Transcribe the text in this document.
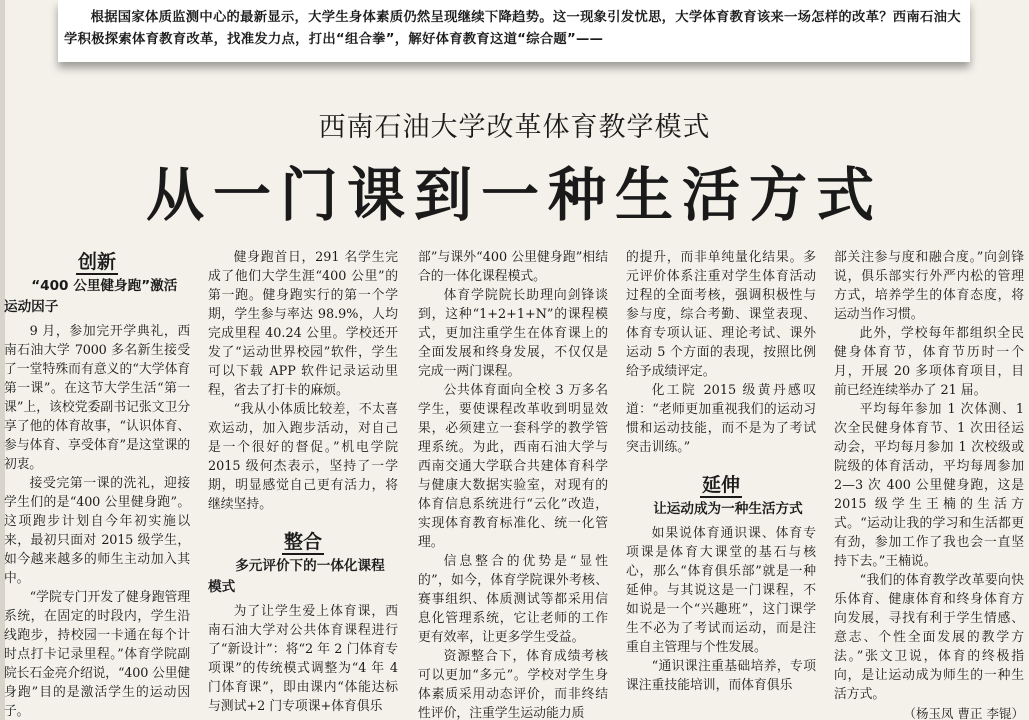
根据国家体质监测中心的最新显示，大学生身体素质仍然呈现继续下降趋势。这一现象引发忧思，大学体育教育该来一场怎样的改革？西南石油大学积极探索体育教育改革，找准发力点，打出“组合拳”，解好体育教育这道“综合题”——

西南石油大学改革体育教学模式
从一门课到一种生活方式
创新
“400 公里健身跑”激活运动因子

9 月，参加完开学典礼，西南石油大学 7000 多名新生接受了一堂特殊而有意义的“大学体育第一课”。在这节大学生活“第一课”上，该校党委副书记张文卫分享了他的体育故事，“认识体育、参与体育、享受体育”是这堂课的初衷。

接受完第一课的洗礼，迎接学生们的是“400 公里健身跑”。这项跑步计划自今年初实施以来，最初只面对 2015 级学生，如今越来越多的师生主动加入其中。

“学院专门开发了健身跑管理系统，在固定的时段内，学生沿线跑步，持校园一卡通在每个计时点打卡记录里程。”体育学院副院长石金亮介绍说，“400 公里健身跑”目的是激活学生的运动因子。

健身跑首日，291 名学生完成了他们大学生涯“400 公里”的第一跑。健身跑实行的第一个学期，学生参与率达 98.9%，人均完成里程 40.24 公里。学校还开发了“运动世界校园”软件，学生可以下载 APP 软件记录运动里程，省去了打卡的麻烦。

“我从小体质比较差，不太喜欢运动，加入跑步活动，对自己是一个很好的督促。”机电学院 2015 级何杰表示，坚持了一学期，明显感觉自己更有活力，将继续坚持。

整合
多元评价下的一体化课程模式

为了让学生爱上体育课，西南石油大学对公共体育课程进行了“新设计”：将“2 年 2 门体育专项课”的传统模式调整为“4 年 4 门体育课”，即由课内“体能达标与测试+2 门专项课+体育俱乐

部”与课外“400 公里健身跑”相结合的一体化课程模式。

体育学院院长助理向剑锋谈到，这种“1+2+1+N”的课程模式，更加注重学生在体育课上的全面发展和终身发展，不仅仅是完成一两门课程。

公共体育面向全校 3 万多名学生，要使课程改革收到明显效果，必须建立一套科学的教学管理系统。为此，西南石油大学与西南交通大学联合共建体育科学与健康大数据实验室，对现有的体育信息系统进行“云化”改造，实现体育教育标准化、统一化管理。

信息整合的优势是“显性的”，如今，体育学院课外考核、赛事组织、体质测试等都采用信息化管理系统，它让老师的工作更有效率，让更多学生受益。

资源整合下，体育成绩考核可以更加“多元”。学校对学生身体素质采用动态评价，而非终结性评价，注重学生运动能力质

的提升，而非单纯量化结果。多元评价体系注重对学生体育活动过程的全面考核，强调积极性与参与度，综合考勤、课堂表现、体育专项认证、理论考试、课外运动 5 个方面的表现，按照比例给予成绩评定。

化工院 2015 级黄丹感叹道：“老师更加重视我们的运动习惯和运动技能，而不是为了考试突击训练。”

延伸
让运动成为一种生活方式

如果说体育通识课、体育专项课是体育大课堂的基石与核心，那么“体育俱乐部”就是一种延伸。与其说这是一门课程，不如说是一个“兴趣班”，这门课学生不必为了考试而运动，而是注重自主管理与个性发展。

“通识课注重基础培养，专项课注重技能培训，而体育俱乐

部关注参与度和融合度。”向剑锋说，俱乐部实行外严内松的管理方式，培养学生的体育态度，将运动当作习惯。

此外，学校每年都组织全民健身体育节，体育节历时一个月，开展 20 多项体育项目，目前已经连续举办了 21 届。

平均每年参加 1 次体测、1 次全民健身体育节、1 次田径运动会，平均每月参加 1 次校级或院级的体育活动，平均每周参加 2—3 次 400 公里健身跑，这是 2015 级学生王楠的生活方式。“运动让我的学习和生活都更有劲，参加工作了我也会一直坚持下去。”王楠说。

“我们的体育教学改革要向快乐体育、健康体育和终身体育方向发展，寻找有利于学生情感、意志、个性全面发展的教学方法。”张文卫说，体育的终极指向，是让运动成为师生的一种生活方式。

（杨玉凤 曹正 李锟）
